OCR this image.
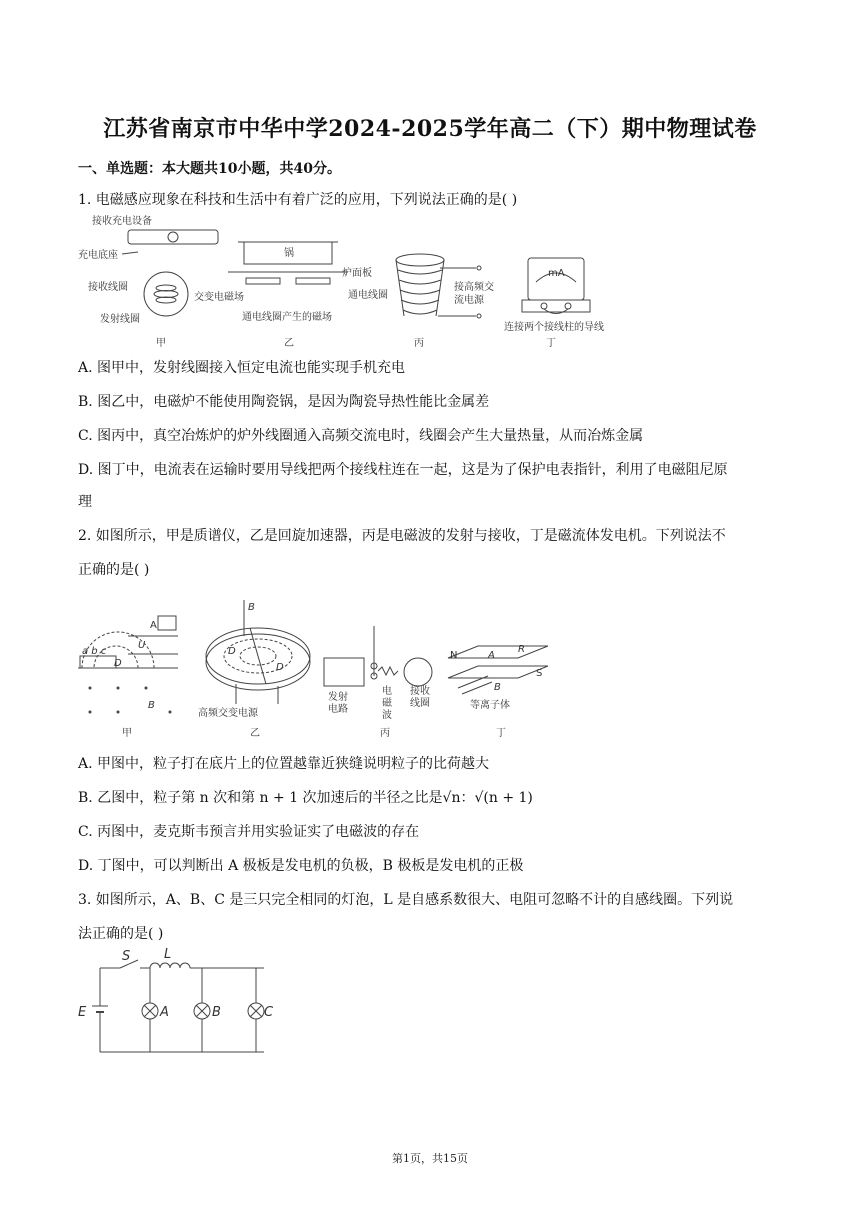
江苏省南京市中华中学2024-2025学年高二（下）期中物理试卷
一、单选题：本大题共10小题，共40分。
1. 电磁感应现象在科技和生活中有着广泛的应用，下列说法正确的是( )
接收充电设备
充电底座
接收线圈
交变电磁场
发射线圈
甲
锅
炉面板
通电线圈
通电线圈产生的磁场
乙
接高频交
流电源
丙
mA
连接两个接线柱的导线
丁
A. 图甲中，发射线圈接入恒定电流也能实现手机充电
B. 图乙中，电磁炉不能使用陶瓷锅，是因为陶瓷导热性能比金属差
C. 图丙中，真空冶炼炉的炉外线圈通入高频交流电时，线圈会产生大量热量，从而冶炼金属
D. 图丁中，电流表在运输时要用导线把两个接线柱连在一起，这是为了保护电表指针，利用了电磁阻尼原
理
2. 如图所示，甲是质谱仪，乙是回旋加速器，丙是电磁波的发射与接收，丁是磁流体发电机。下列说法不
正确的是( )
A
U
a b c
D
B
甲
B
D
D
高频交变电源
乙
发射
电路
电
磁
波
接收
线圈
丙
N	A
R
S
B
等离子体
丁
A. 甲图中，粒子打在底片上的位置越靠近狭缝说明粒子的比荷越大
B. 乙图中，粒子第 n 次和第 n + 1 次加速后的半径之比是√n：√(n + 1)
C. 丙图中，麦克斯韦预言并用实验证实了电磁波的存在
D. 丁图中，可以判断出 A 极板是发电机的负极，B 极板是发电机的正极
3. 如图所示，A、B、C 是三只完全相同的灯泡，L 是自感系数很大、电阻可忽略不计的自感线圈。下列说
法正确的是( )
S	L
E	A	B	C
第1页，共15页
